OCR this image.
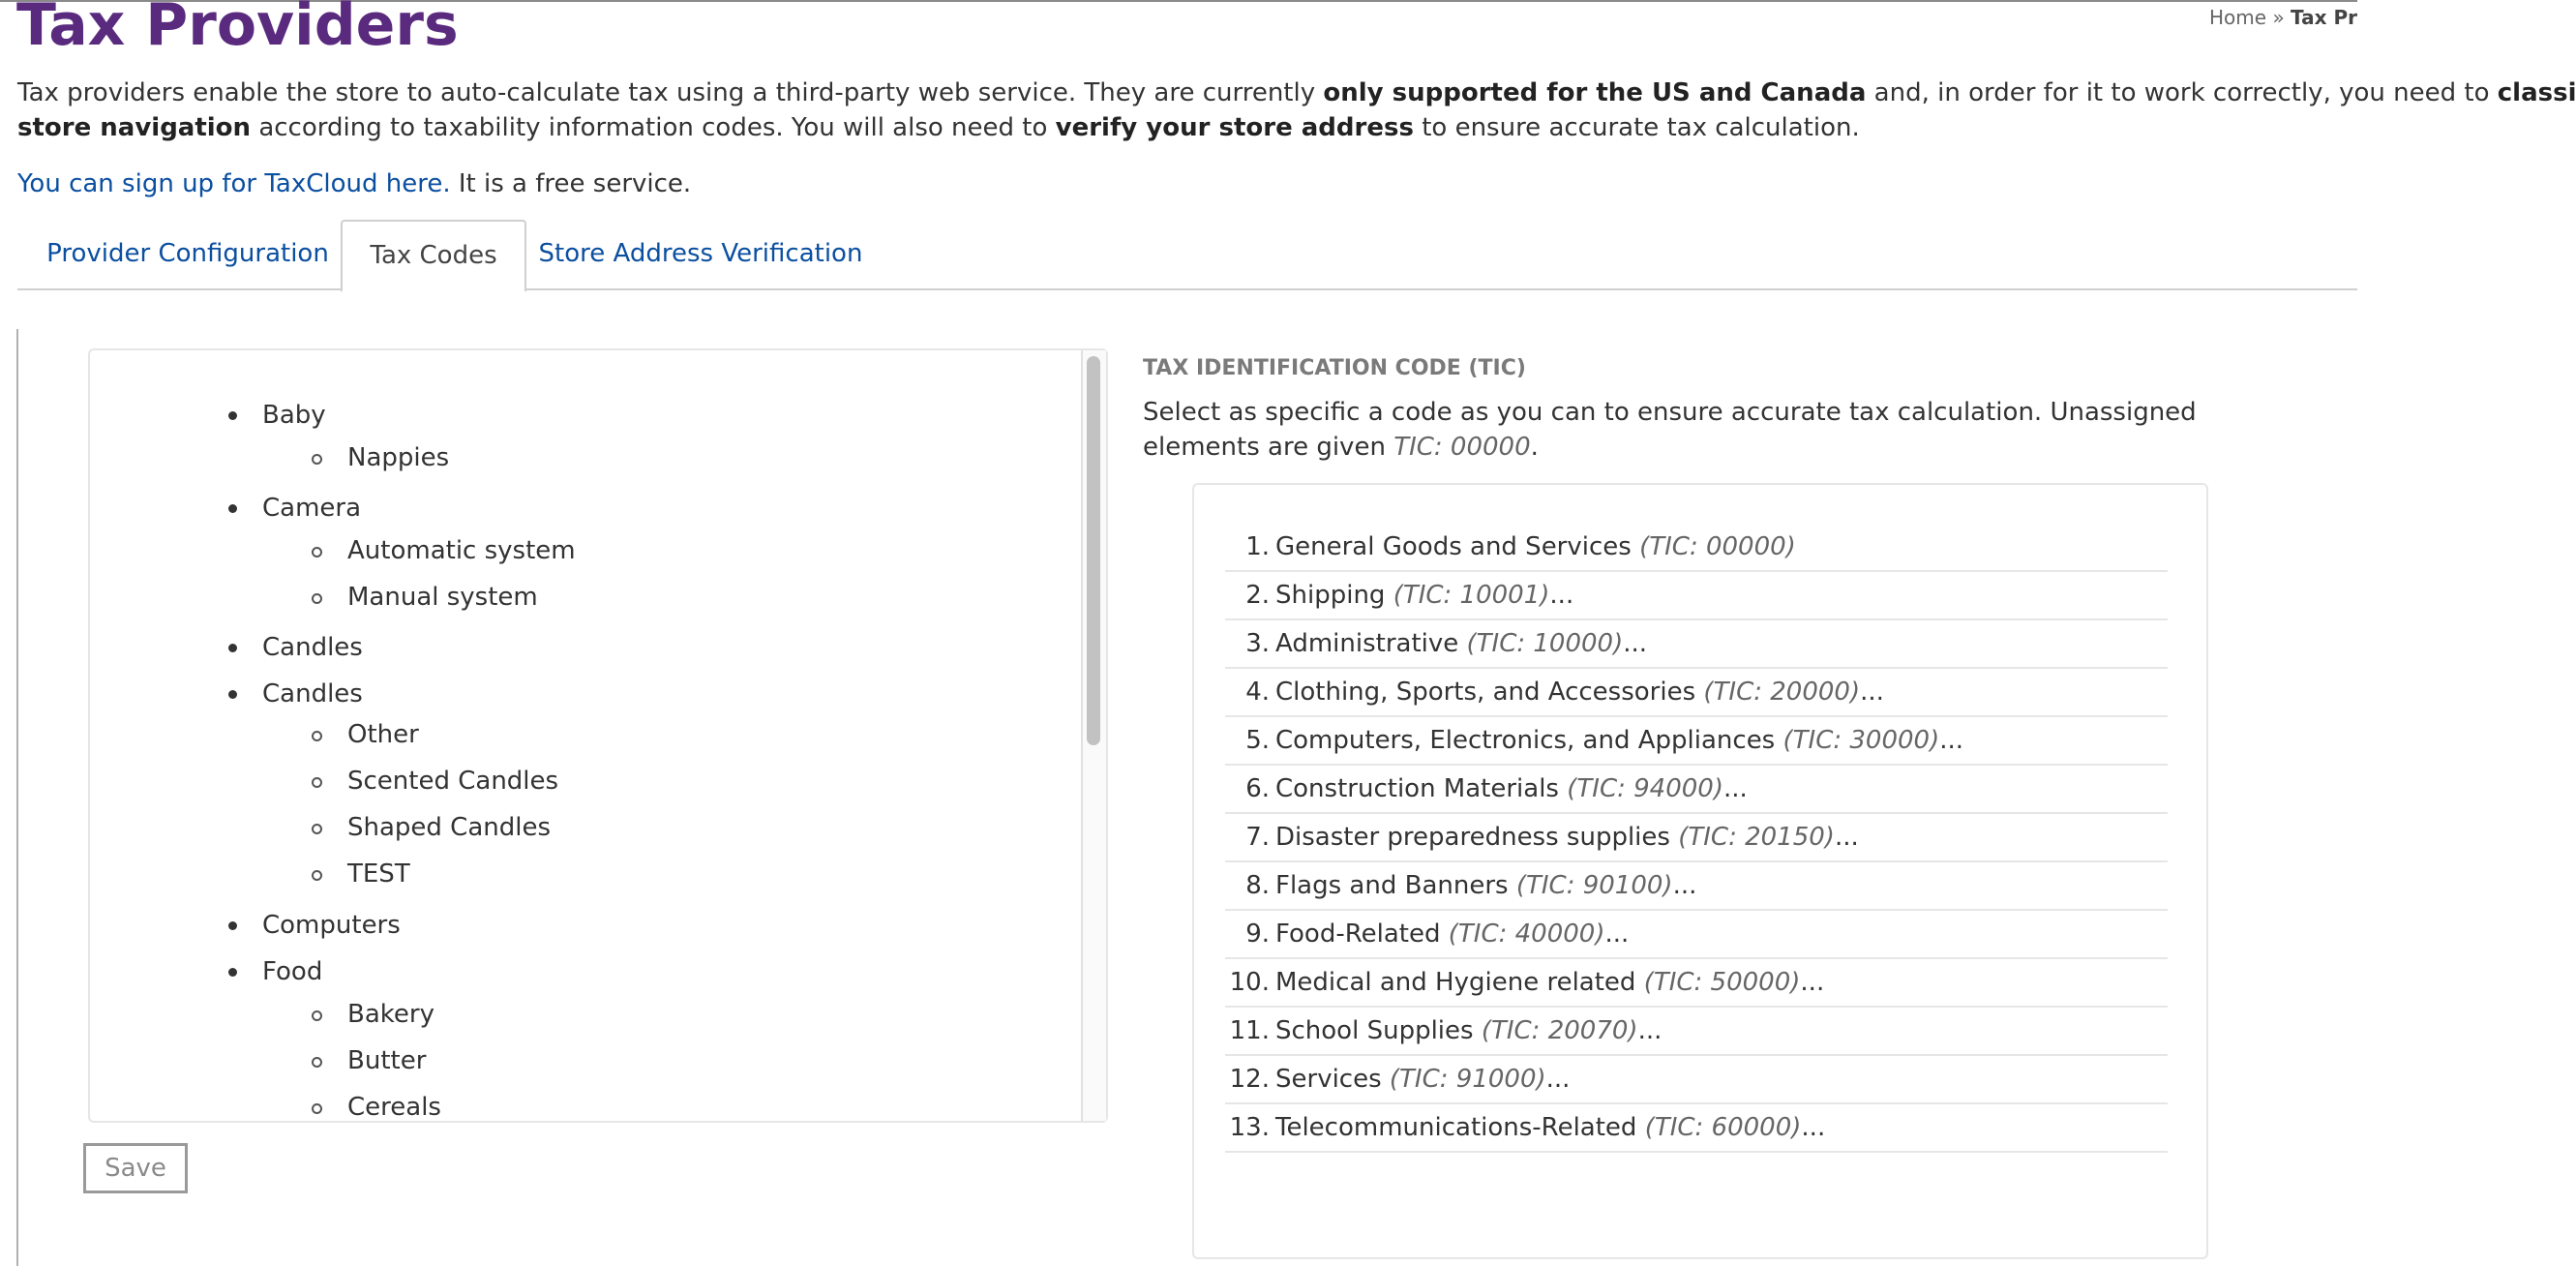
Home » Tax Pr
Tax Providers
Tax providers enable the store to auto-calculate tax using a third-party web service. They are currently only supported for the US and Canada and, in order for it to work correctly, you need to classi
store navigation according to taxability information codes. You will also need to verify your store address to ensure accurate tax calculation.
You can sign up for TaxCloud here. It is a free service.
Provider Configuration	Tax Codes	Store Address Verification
Baby
Nappies
Camera
Automatic system
Manual system
Candles
Candles
Other
Scented Candles
Shaped Candles
TEST
Computers
Food
Bakery
Butter
Cereals
Save
TAX IDENTIFICATION CODE (TIC)
Select as specific a code as you can to ensure accurate tax calculation. Unassigned elements are given TIC: 00000.
1. General Goods and Services (TIC: 00000)
2. Shipping (TIC: 10001)...
3. Administrative (TIC: 10000)...
4. Clothing, Sports, and Accessories (TIC: 20000)...
5. Computers, Electronics, and Appliances (TIC: 30000)...
6. Construction Materials (TIC: 94000)...
7. Disaster preparedness supplies (TIC: 20150)...
8. Flags and Banners (TIC: 90100)...
9. Food-Related (TIC: 40000)...
10. Medical and Hygiene related (TIC: 50000)...
11. School Supplies (TIC: 20070)...
12. Services (TIC: 91000)...
13. Telecommunications-Related (TIC: 60000)...
